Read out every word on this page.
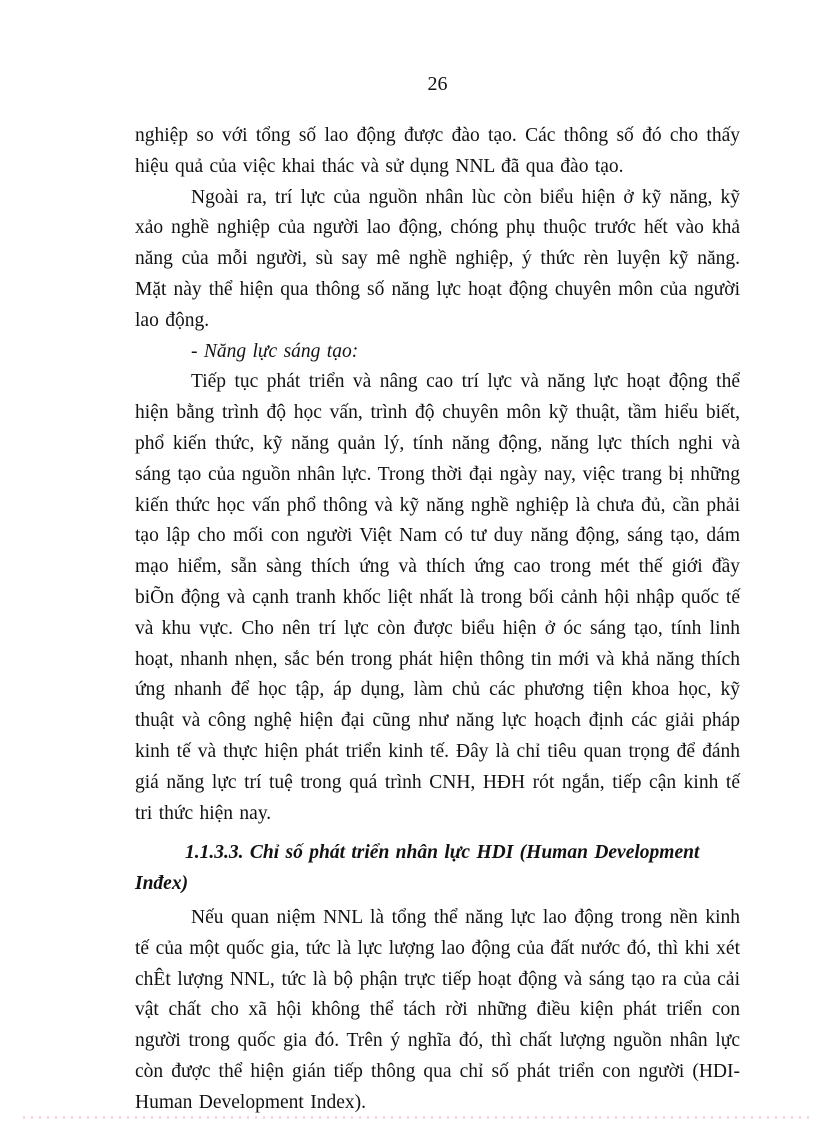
26

nghiệp so với tổng số lao động được đào tạo. Các thông số đó cho thấy hiệu quả của việc khai thác và sử dụng NNL đã qua đào tạo.

Ngoài ra, trí lực của nguồn nhân lùc còn biểu hiện ở kỹ năng, kỹ xảo nghề nghiệp của người lao động, chóng phụ thuộc trước hết vào khả năng của mỗi người, sù say mê nghề nghiệp, ý thức rèn luyện kỹ năng. Mặt này thể hiện qua thông số năng lực hoạt động chuyên môn của người lao động.

- Năng lực sáng tạo:

Tiếp tục phát triển và nâng cao trí lực và năng lực hoạt động thể hiện bằng trình độ học vấn, trình độ chuyên môn kỹ thuật, tầm hiểu biết, phổ kiến thức, kỹ năng quản lý, tính năng động, năng lực thích nghi và sáng tạo của nguồn nhân lực. Trong thời đại ngày nay, việc trang bị những kiến thức học vấn phổ thông và kỹ năng nghề nghiệp là chưa đủ, cần phải tạo lập cho mối con người Việt Nam có tư duy năng động, sáng tạo, dám mạo hiểm, sẵn sàng thích ứng và thích ứng cao trong mét thế giới đầy biÕn động và cạnh tranh khốc liệt nhất là trong bối cảnh hội nhập quốc tế và khu vực. Cho nên trí lực còn được biểu hiện ở óc sáng tạo, tính linh hoạt, nhanh nhẹn, sắc bén trong phát hiện thông tin mới và khả năng thích ứng nhanh để học tập, áp dụng, làm chủ các phương tiện khoa học, kỹ thuật và công nghệ hiện đại cũng như năng lực hoạch định các giải pháp kinh tế và thực hiện phát triển kinh tế. Đây là chỉ tiêu quan trọng để đánh giá năng lực trí tuệ trong quá trình CNH, HĐH rót ngắn, tiếp cận kinh tế tri thức hiện nay.

1.1.3.3. Chỉ số phát triển nhân lực HDI (Human Development Inđex)

Nếu quan niệm NNL là tổng thể năng lực lao động trong nền kinh tế của một quốc gia, tức là lực lượng lao động của đất nước đó, thì khi xét chÊt lượng NNL, tức là bộ phận trực tiếp hoạt động và sáng tạo ra của cải vật chất cho xã hội không thể tách rời những điều kiện phát triển con người trong quốc gia đó. Trên ý nghĩa đó, thì chất lượng nguồn nhân lực còn được thể hiện gián tiếp thông qua chỉ số phát triển con người (HDI- Human Development Index).
